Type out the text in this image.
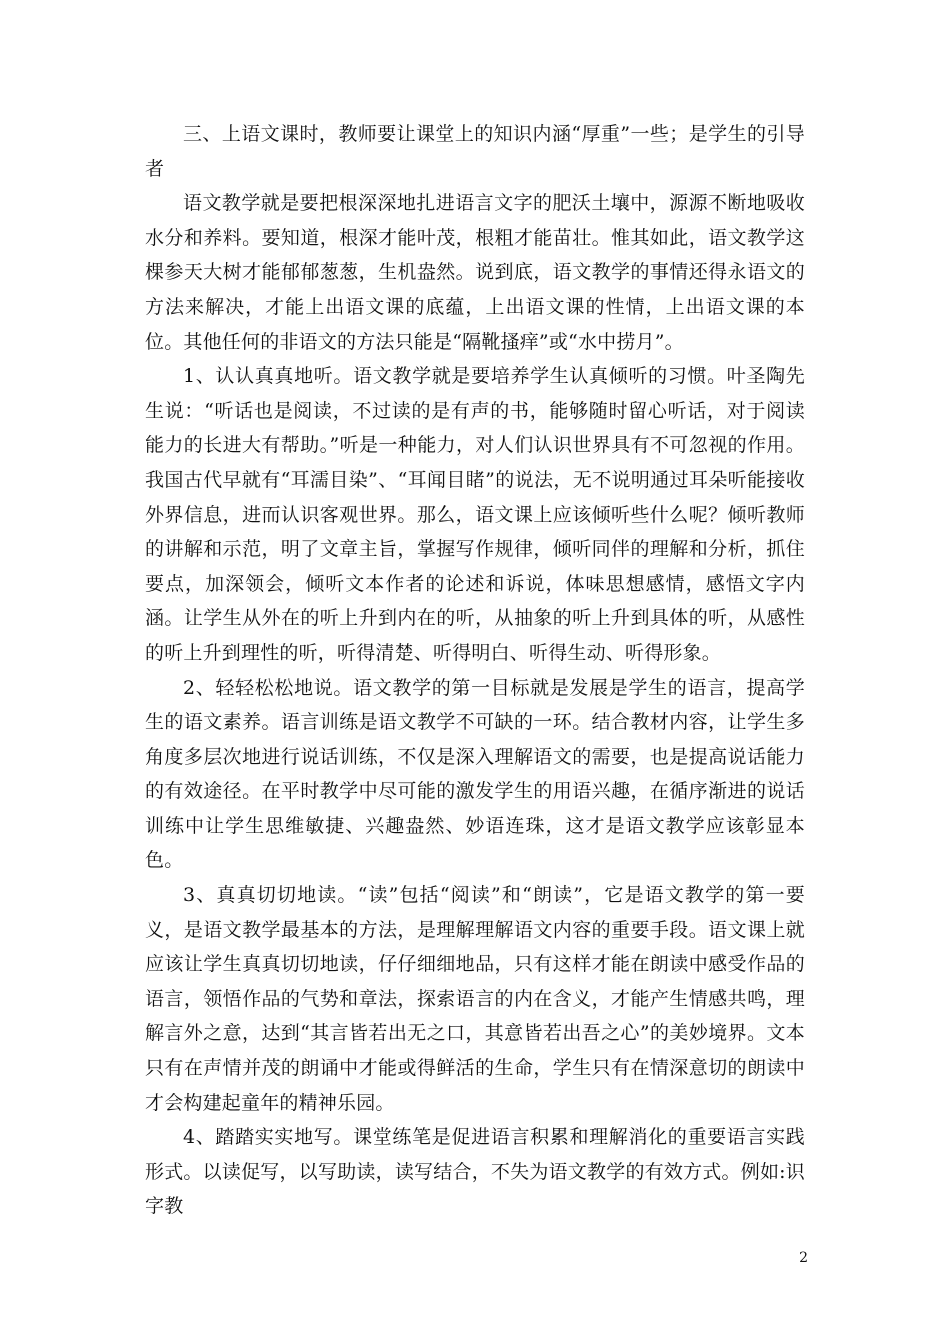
三、上语文课时，教师要让课堂上的知识内涵“厚重”一些；是学生的引导者

语文教学就是要把根深深地扎进语言文字的肥沃土壤中，源源不断地吸收水分和养料。要知道，根深才能叶茂，根粗才能苗壮。惟其如此，语文教学这棵参天大树才能郁郁葱葱，生机盎然。说到底，语文教学的事情还得永语文的方法来解决，才能上出语文课的底蕴，上出语文课的性情，上出语文课的本位。其他任何的非语文的方法只能是“隔靴搔痒”或“水中捞月”。

1、认认真真地听。语文教学就是要培养学生认真倾听的习惯。叶圣陶先生说：“听话也是阅读，不过读的是有声的书，能够随时留心听话，对于阅读能力的长进大有帮助。”听是一种能力，对人们认识世界具有不可忽视的作用。我国古代早就有“耳濡目染”、“耳闻目睹”的说法，无不说明通过耳朵听能接收外界信息，进而认识客观世界。那么，语文课上应该倾听些什么呢？倾听教师的讲解和示范，明了文章主旨，掌握写作规律，倾听同伴的理解和分析，抓住要点，加深领会，倾听文本作者的论述和诉说，体味思想感情，感悟文字内涵。让学生从外在的听上升到内在的听，从抽象的听上升到具体的听，从感性的听上升到理性的听，听得清楚、听得明白、听得生动、听得形象。

2、轻轻松松地说。语文教学的第一目标就是发展是学生的语言，提高学生的语文素养。语言训练是语文教学不可缺的一环。结合教材内容，让学生多角度多层次地进行说话训练，不仅是深入理解语文的需要，也是提高说话能力的有效途径。在平时教学中尽可能的激发学生的用语兴趣，在循序渐进的说话训练中让学生思维敏捷、兴趣盎然、妙语连珠，这才是语文教学应该彰显本色。

3、真真切切地读。“读”包括“阅读”和“朗读”，它是语文教学的第一要义，是语文教学最基本的方法，是理解理解语文内容的重要手段。语文课上就应该让学生真真切切地读，仔仔细细地品，只有这样才能在朗读中感受作品的语言，领悟作品的气势和章法，探索语言的内在含义，才能产生情感共鸣，理解言外之意，达到“其言皆若出无之口，其意皆若出吾之心”的美妙境界。文本只有在声情并茂的朗诵中才能或得鲜活的生命，学生只有在情深意切的朗读中才会构建起童年的精神乐园。

4、踏踏实实地写。课堂练笔是促进语言积累和理解消化的重要语言实践形式。以读促写，以写助读，读写结合，不失为语文教学的有效方式。例如:识字教

2
